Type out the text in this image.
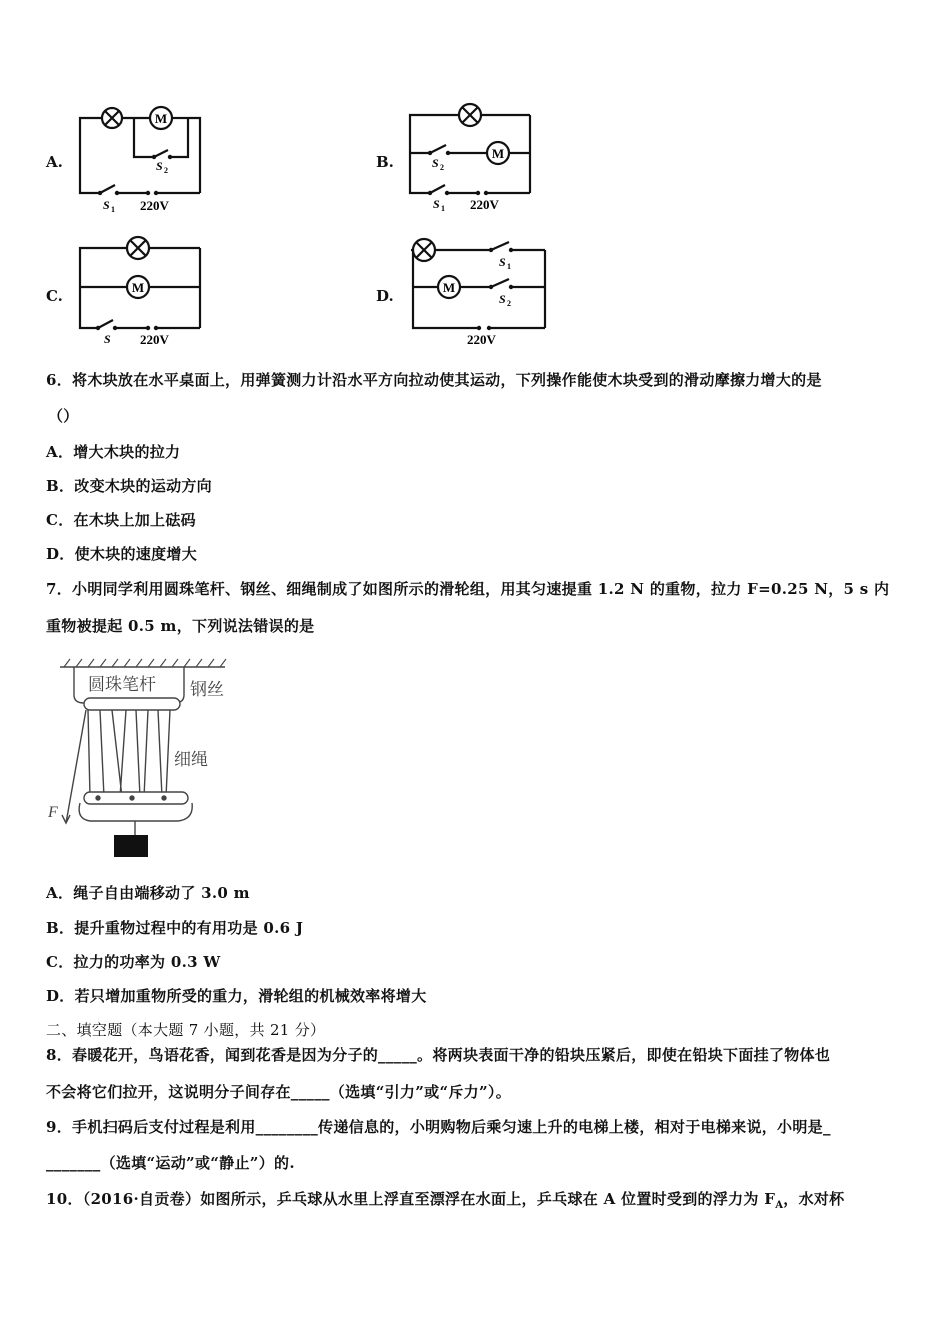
A.
M
S 2
S 1 220V
B.	M
S 2
S 1 220V
C.	M
S 220V
D.	M
S 1
S 2
220V
6．将木块放在水平桌面上，用弹簧测力计沿水平方向拉动使其运动，下列操作能使木块受到的滑动摩擦力增大的是
（）
A．增大木块的拉力
B．改变木块的运动方向
C．在木块上加上砝码
D．使木块的速度增大
7．小明同学利用圆珠笔杆、钢丝、细绳制成了如图所示的滑轮组，用其匀速提重 1.2 N 的重物，拉力 F=0.25 N，5 s 内
重物被提起 0.5 m，下列说法错误的是
圆珠笔杆 钢丝
细绳
F
A．绳子自由端移动了 3.0 m
B．提升重物过程中的有用功是 0.6 J
C．拉力的功率为 0.3 W
D．若只增加重物所受的重力，滑轮组的机械效率将增大
二、填空题（本大题 7 小题，共 21 分）
8．春暖花开，鸟语花香，闻到花香是因为分子的_____。将两块表面干净的铅块压紧后，即使在铅块下面挂了物体也
不会将它们拉开，这说明分子间存在_____（选填“引力”或“斥力”）。
9．手机扫码后支付过程是利用________传递信息的，小明购物后乘匀速上升的电梯上楼，相对于电梯来说，小明是_
_______（选填“运动”或“静止”）的.
10．（2016·自贡卷）如图所示，乒乓球从水里上浮直至漂浮在水面上，乒乓球在 A 位置时受到的浮力为 $F_A$，水对杯
